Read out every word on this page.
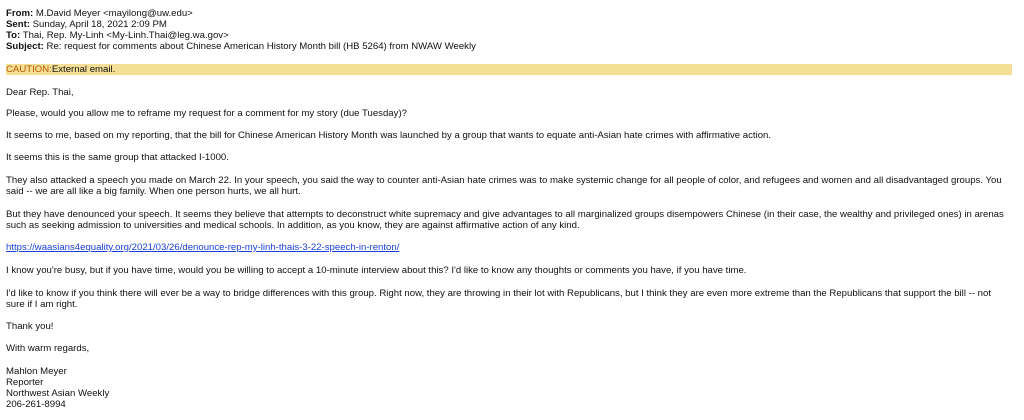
From: M.David Meyer <mayilong@uw.edu>
Sent: Sunday, April 18, 2021 2:09 PM
To: Thai, Rep. My-Linh <My-Linh.Thai@leg.wa.gov>
Subject: Re: request for comments about Chinese American History Month bill (HB 5264) from NWAW Weekly
CAUTION:External email.
Dear Rep. Thai,
Please, would you allow me to reframe my request for a comment for my story (due Tuesday)?
It seems to me, based on my reporting, that the bill for Chinese American History Month was launched by a group that wants to equate anti-Asian hate crimes with affirmative action.
It seems this is the same group that attacked I-1000.
They also attacked a speech you made on March 22. In your speech, you said the way to counter anti-Asian hate crimes was to make systemic change for all people of color, and refugees and women and all disadvantaged groups. You said -- we are all like a big family. When one person hurts, we all hurt.
But they have denounced your speech. It seems they believe that attempts to deconstruct white supremacy and give advantages to all marginalized groups disempowers Chinese (in their case, the wealthy and privileged ones) in arenas such as seeking admission to universities and medical schools. In addition, as you know, they are against affirmative action of any kind.
https://waasians4equality.org/2021/03/26/denounce-rep-my-linh-thais-3-22-speech-in-renton/
I know you're busy, but if you have time, would you be willing to accept a 10-minute interview about this? I'd like to know any thoughts or comments you have, if you have time.
I'd like to know if you think there will ever be a way to bridge differences with this group. Right now, they are throwing in their lot with Republicans, but I think they are even more extreme than the Republicans that support the bill -- not sure if I am right.
Thank you!
With warm regards,
Mahlon Meyer
Reporter
Northwest Asian Weekly
206-261-8994
